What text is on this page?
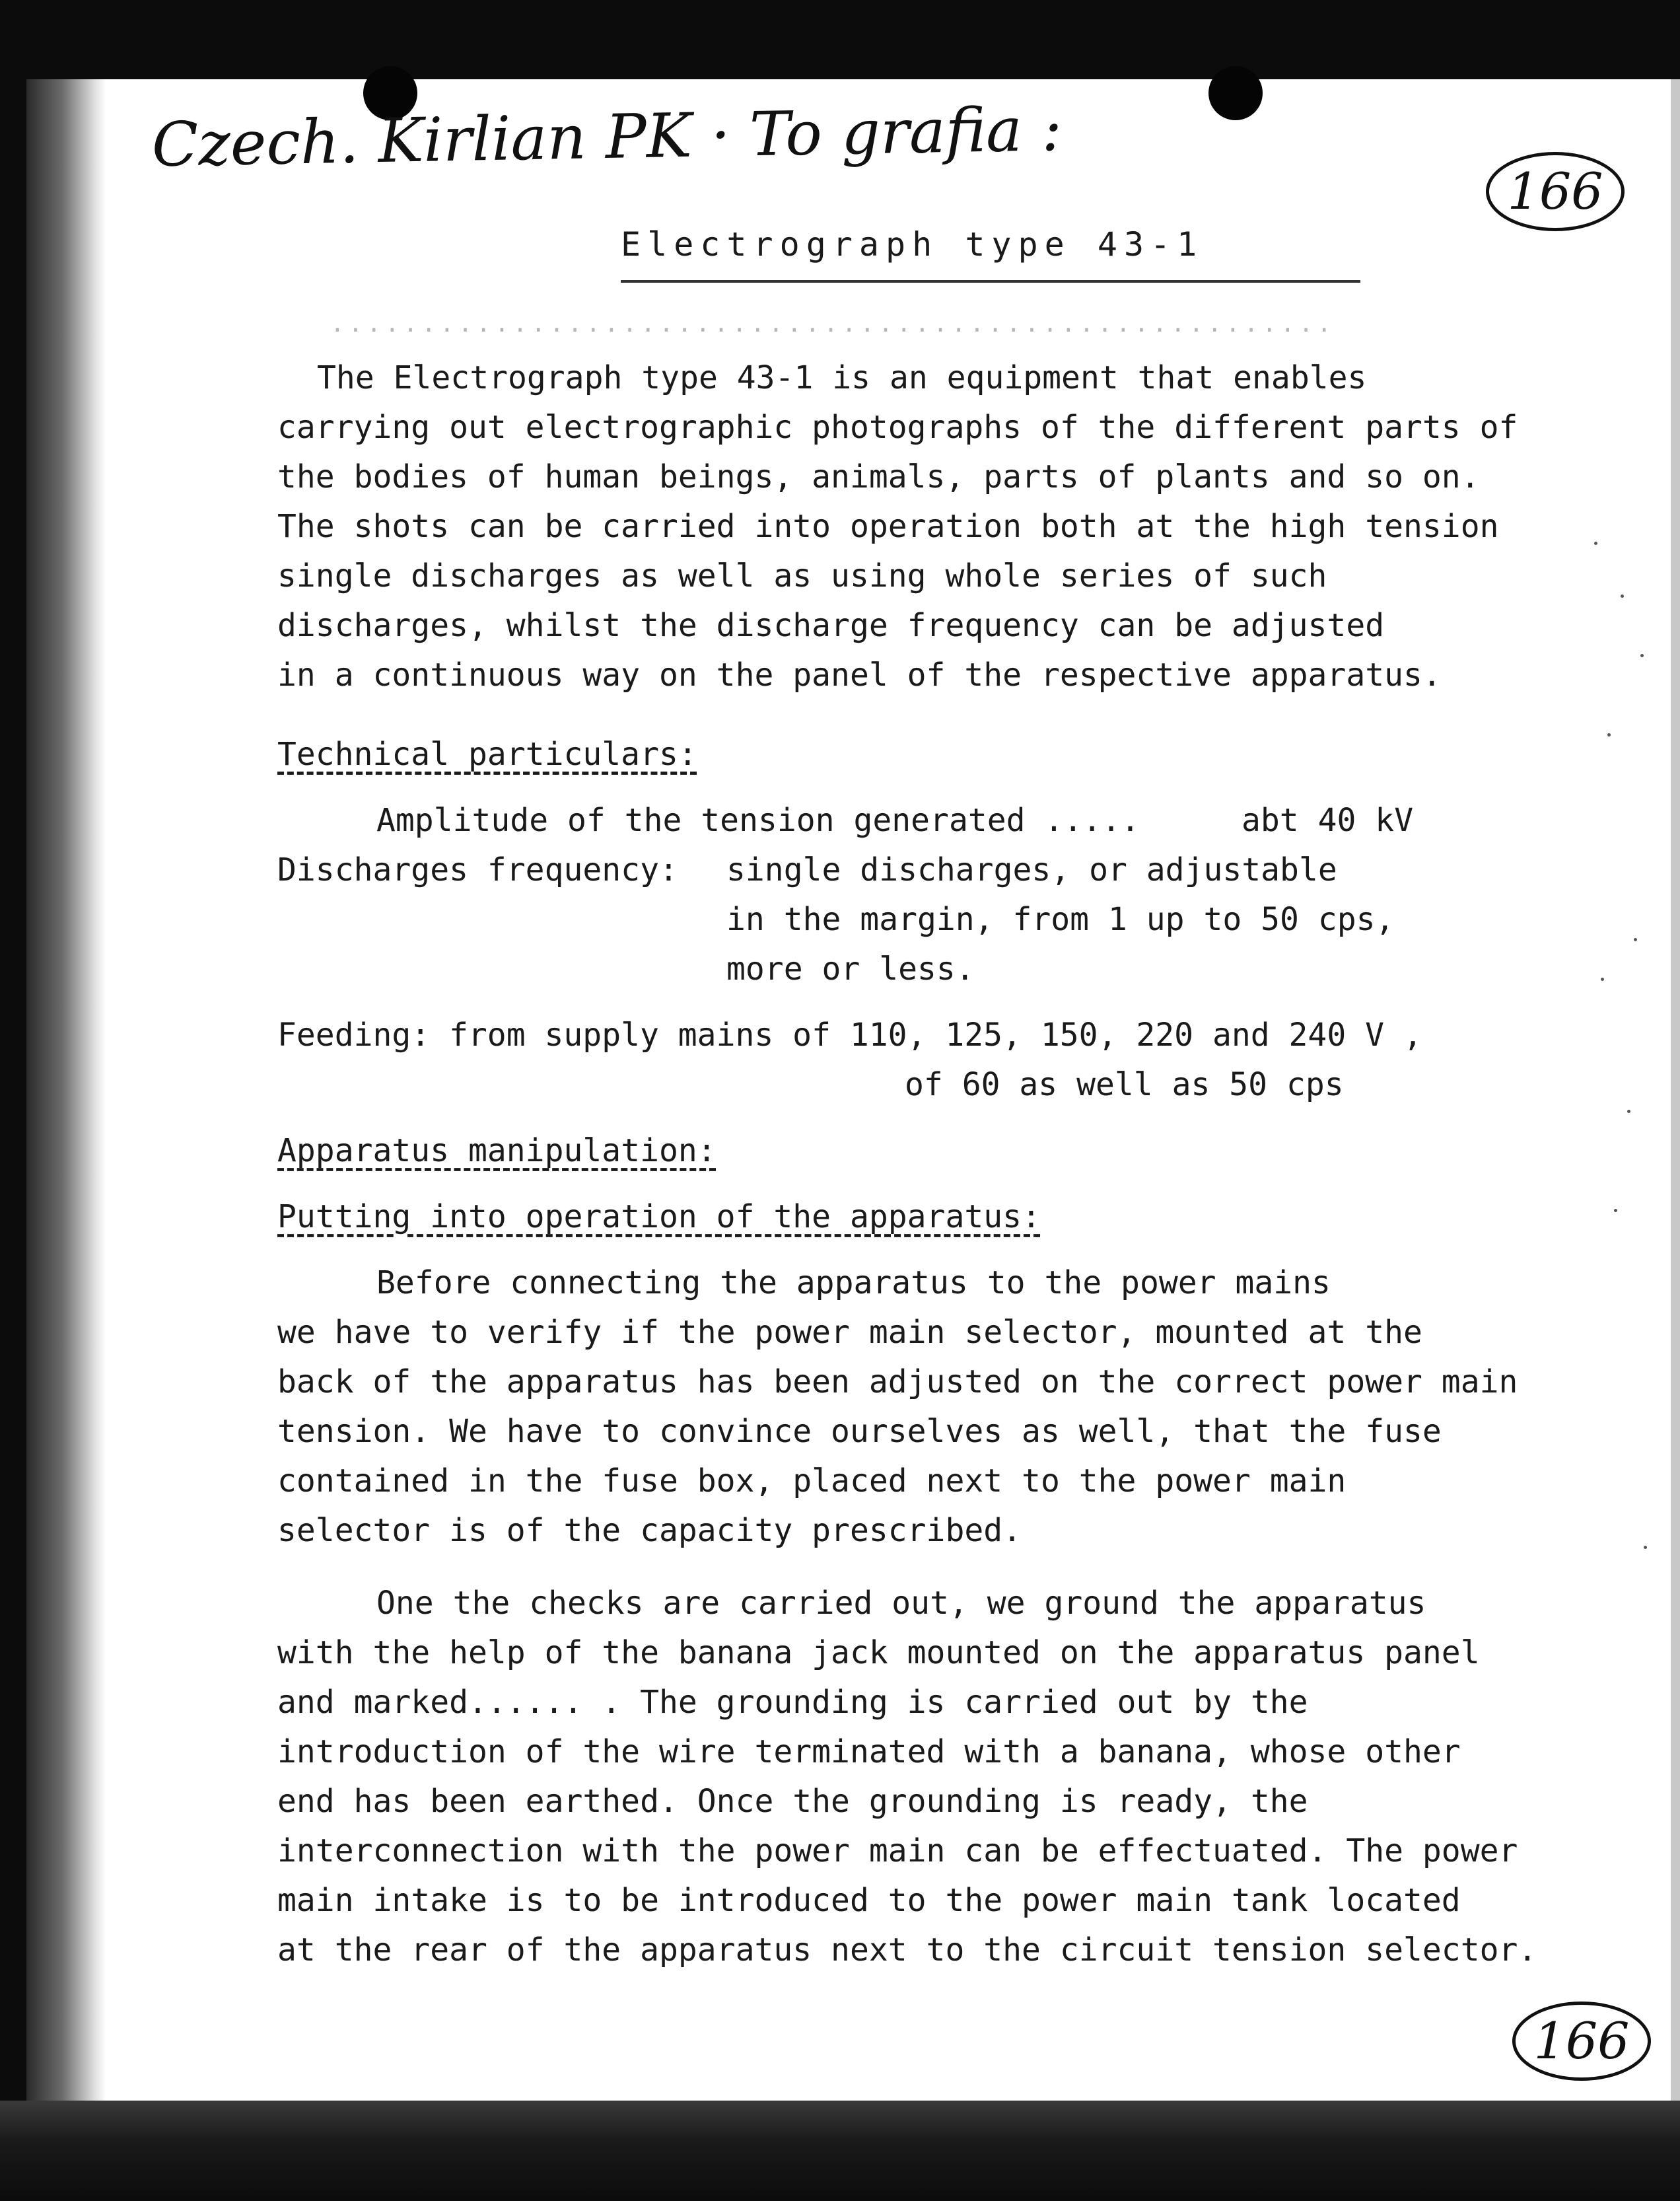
Czech. Kirlian PK · To grafia :
166
Electrograph type 43-1
.......................................................
The Electrograph type 43-1 is an equipment that enables
carrying out electrographic photographs of the different parts of
the bodies of human beings, animals, parts of plants and so on.
The shots can be carried into operation both at the high tension
single discharges as well as using whole series of such
discharges, whilst the discharge frequency can be adjusted
in a continuous way on the panel of the respective apparatus.
Technical particulars:
Amplitude of the tension generated .....	abt 40 kV
Discharges frequency: single discharges, or adjustable
in the margin, from 1 up to 50 cps,
more or less.
Feeding: from supply mains of 110, 125, 150, 220 and 240 V ,
of 60 as well as 50 cps
Apparatus manipulation:
Putting into operation of the apparatus:
Before connecting the apparatus to the power mains
we have to verify if the power main selector, mounted at the
back of the apparatus has been adjusted on the correct power main
tension. We have to convince ourselves as well, that the fuse
contained in the fuse box, placed next to the power main
selector is of the capacity prescribed.
One the checks are carried out, we ground the apparatus
with the help of the banana jack mounted on the apparatus panel
and marked...... . The grounding is carried out by the
introduction of the wire terminated with a banana, whose other
end has been earthed. Once the grounding is ready, the
interconnection with the power main can be effectuated. The power
main intake is to be introduced to the power main tank located
at the rear of the apparatus next to the circuit tension selector.
166
